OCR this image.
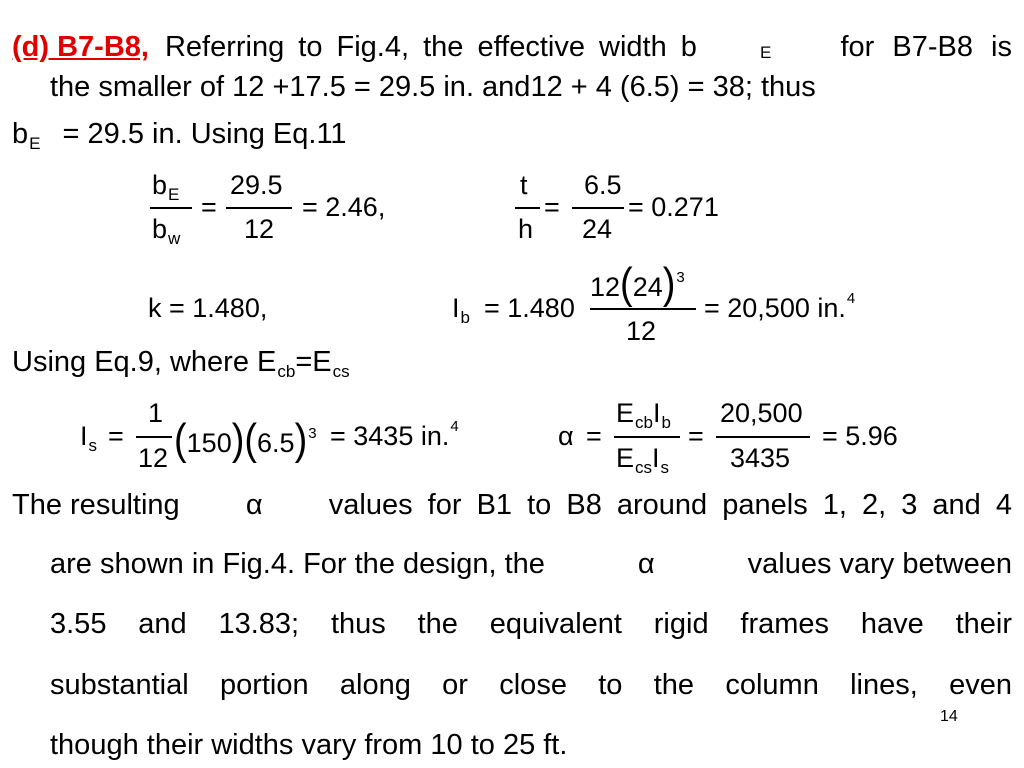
(d) B7-B8, Referring to Fig.4, the effective width b	E for B7-B8 is
the smaller of 12 +17.5 = 29.5 in. and12 + 4 (6.5) = 38; thus
$b_E = 29.5$ in. Using Eq.11
$b_E$
$b_w$
=
29.5
12
= 2.46,
t
h
=
6.5
24
= 0.271
k = 1.480,	$I_b = 1.480$
$12(24)^3$
12
= 20,500 in.$^4$
Using Eq.9, where $E_{cb}=E_{cs}$
$I_s$ =
1
12 $(150)(6.5)^3 = 3435$ in.$^4$	α =
$E_{cb}I_b$
$E_{cs}I_s$
=
20,500
3435
= 5.96
The resulting α values for B1 to B8 around panels 1, 2, 3 and 4
are shown in Fig.4. For the design, the	α	values vary between
3.55 and 13.83; thus the equivalent rigid frames have their
substantial portion along or close to the column lines, even
though their widths vary from 10 to 25 ft.
14
